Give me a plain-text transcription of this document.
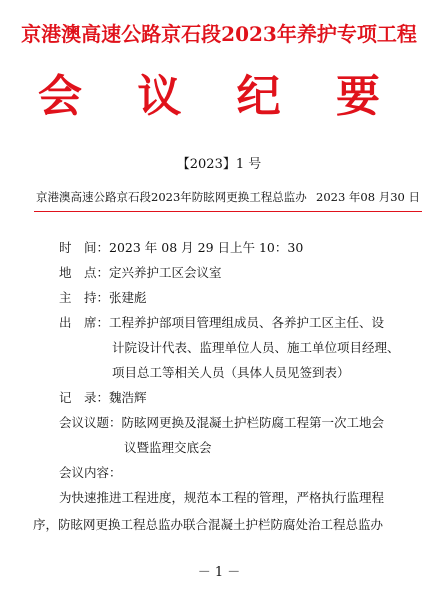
京港澳高速公路京石段2023年养护专项工程
会 议 纪 要
【2023】1 号
京港澳高速公路京石段2023年防眩网更换工程总监办 2023 年08 月30 日
时　间：2023 年 08 月 29 日上午 10：30
地　点：定兴养护工区会议室
主　持：张建彪
出　席：工程养护部项目管理组成员、各养护工区主任、设
计院设计代表、监理单位人员、施工单位项目经理、
项目总工等相关人员（具体人员见签到表）
记　录：魏浩辉
会议议题：防眩网更换及混凝土护栏防腐工程第一次工地会
议暨监理交底会
会议内容：
为快速推进工程进度，规范本工程的管理，严格执行监理程
序，防眩网更换工程总监办联合混凝土护栏防腐处治工程总监办
－ 1 －
